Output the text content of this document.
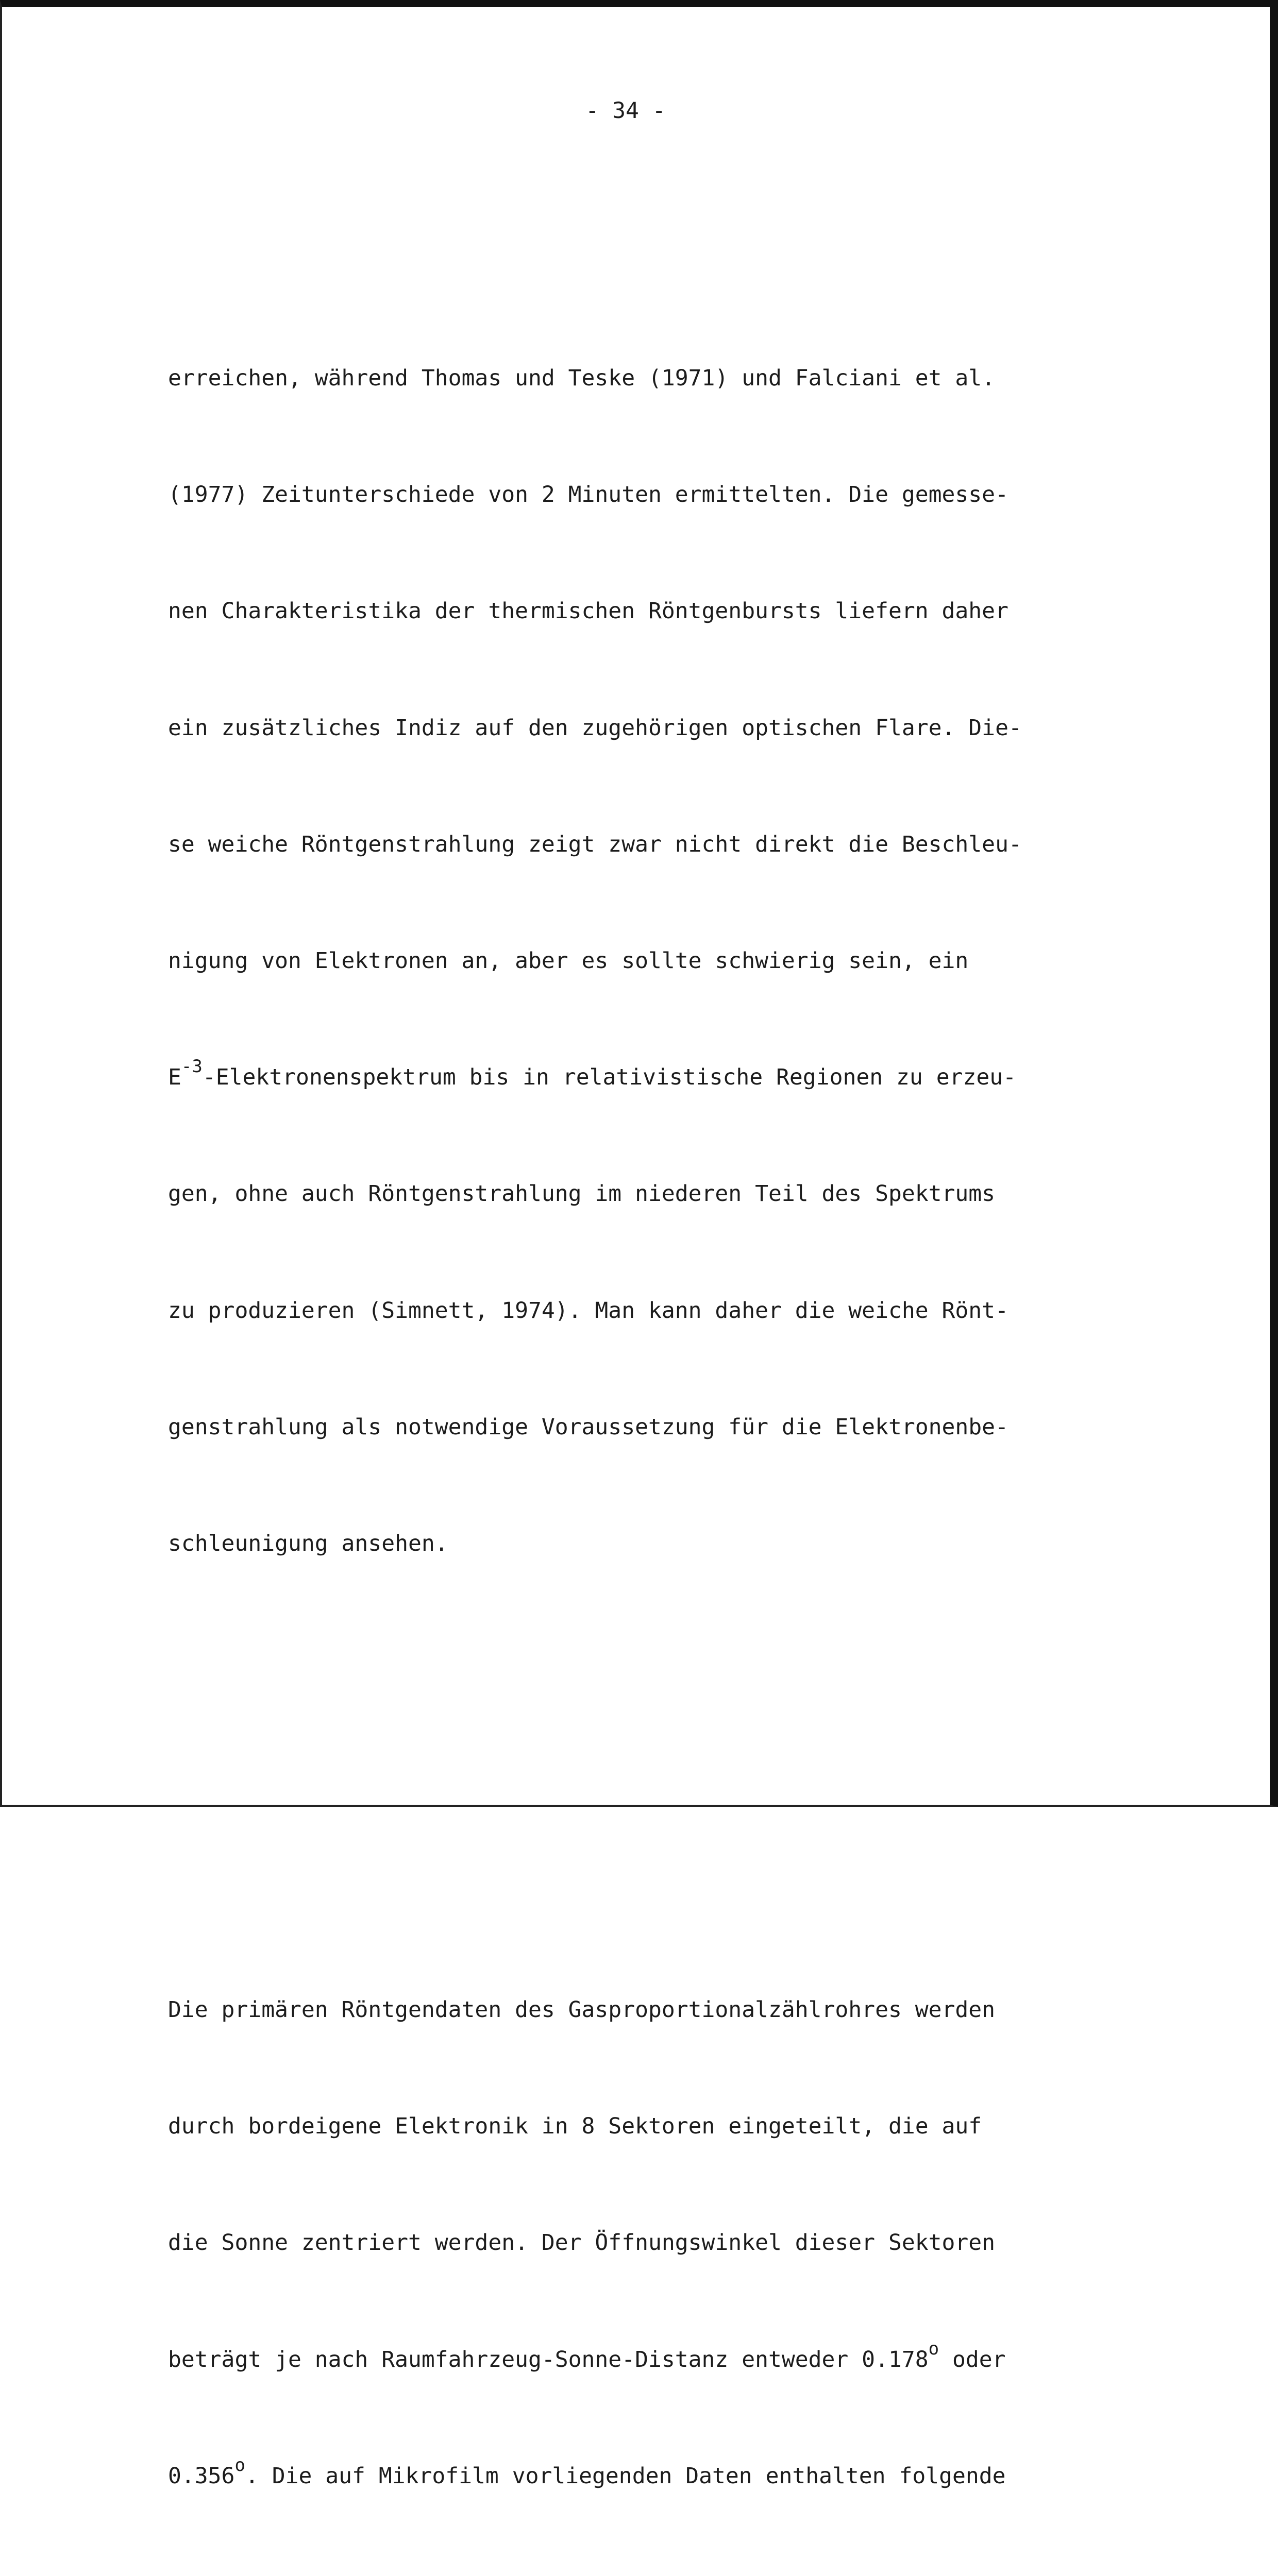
- 34 -

erreichen, während Thomas und Teske (1971) und Falciani et al.

(1977) Zeitunterschiede von 2 Minuten ermittelten. Die gemesse-

nen Charakteristika der thermischen Röntgenbursts liefern daher

ein zusätzliches Indiz auf den zugehörigen optischen Flare. Die-

se weiche Röntgenstrahlung zeigt zwar nicht direkt die Beschleu-

nigung von Elektronen an, aber es sollte schwierig sein, ein

$E^{-3}$-Elektronenspektrum bis in relativistische Regionen zu erzeu-

gen, ohne auch Röntgenstrahlung im niederen Teil des Spektrums

zu produzieren (Simnett, 1974). Man kann daher die weiche Rönt-

genstrahlung als notwendige Voraussetzung für die Elektronenbe-

schleunigung ansehen.

Die primären Röntgendaten des Gasproportionalzählrohres werden

durch bordeigene Elektronik in 8 Sektoren eingeteilt, die auf

die Sonne zentriert werden. Der Öffnungswinkel dieser Sektoren

beträgt je nach Raumfahrzeug-Sonne-Distanz entweder 0.178$^o$ oder

0.356$^o$. Die auf Mikrofilm vorliegenden Daten enthalten folgende
